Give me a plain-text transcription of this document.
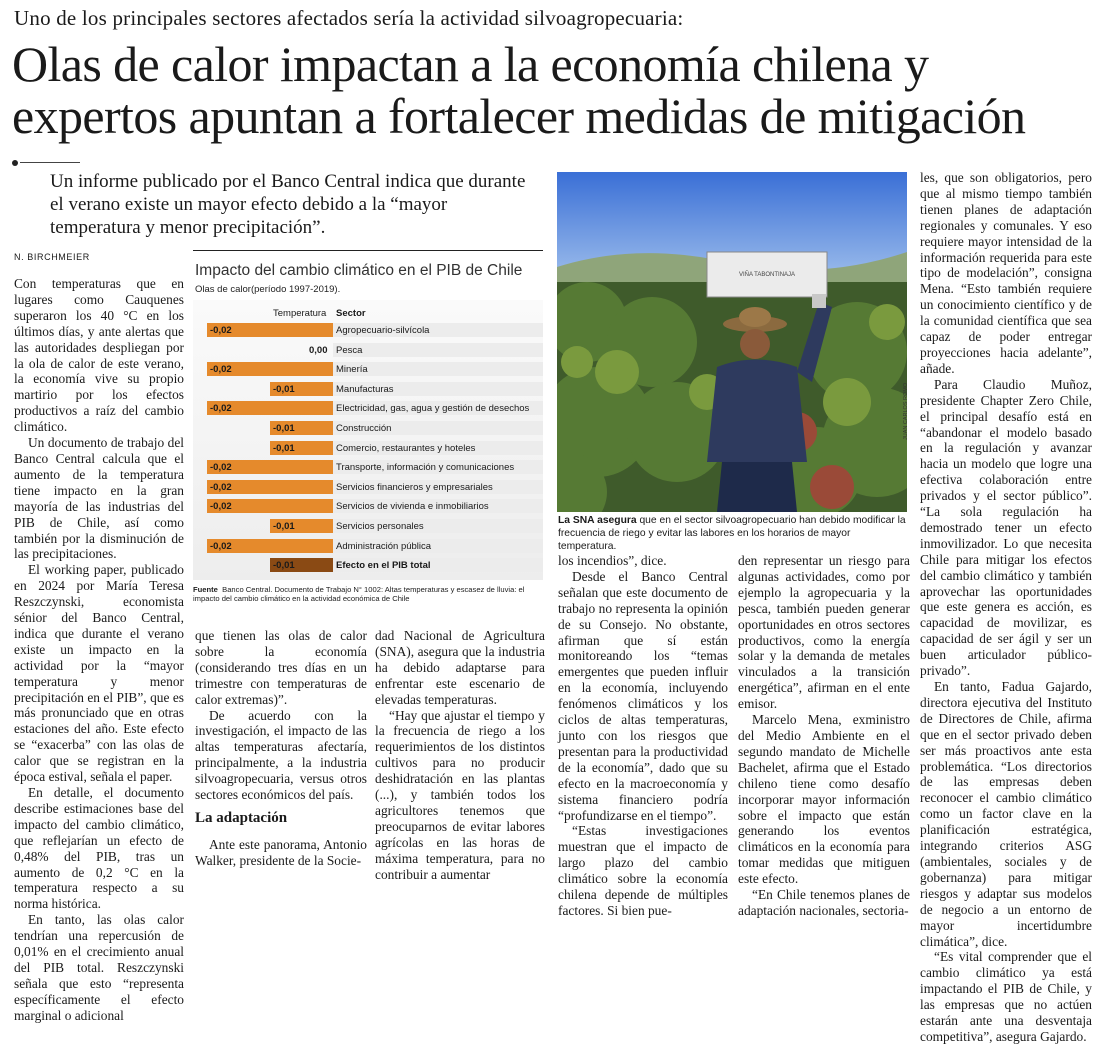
Uno de los principales sectores afectados sería la actividad silvoagropecuaria:
Olas de calor impactan a la economía chilena y expertos apuntan a fortalecer medidas de mitigación
Un informe publicado por el Banco Central indica que durante el verano existe un mayor efecto debido a la “mayor temperatura y menor precipitación”.
N. BIRCHMEIER

Con temperaturas que en lugares como Cauquenes superaron los 40 °C en los últimos días, y ante alertas que las autoridades despliegan por la ola de calor de este verano, la economía vive su propio martirio por los efectos productivos a raíz del cambio climático.

Un documento de trabajo del Banco Central calcula que el aumento de la temperatura tiene impacto en la gran mayoría de las industrias del PIB de Chile, así como también por la disminución de las precipitaciones.

El working paper, publicado en 2024 por María Teresa Reszczynski, economista sénior del Banco Central, indica que durante el verano existe un impacto en la actividad por la “mayor temperatura y menor precipitación en el PIB”, que es más pronunciado que en otras estaciones del año. Este efecto se “exacerba” con las olas de calor que se registran en la época estival, señala el paper.

En detalle, el documento describe estimaciones base del impacto del cambio climático, que reflejarían un efecto de 0,48% del PIB, tras un aumento de 0,2 °C en la temperatura respecto a su norma histórica.

En tanto, las olas calor tendrían una repercusión de 0,01% en el crecimiento anual del PIB total. Reszczynski señala que esto “representa específicamente el efecto marginal o adicional

Impacto del cambio climático en el PIB de Chile
Olas de calor(período 1997-2019).
Temperatura Sector
-0,02	Agropecuario-silvícola
0,00 Pesca
-0,02	Minería
-0,01	Manufacturas
-0,02	Electricidad, gas, agua y gestión de desechos
-0,01	Construcción
-0,01	Comercio, restaurantes y hoteles
-0,02	Transporte, información y comunicaciones
-0,02	Servicios financieros y empresariales
-0,02	Servicios de vivienda e inmobiliarios
-0,01	Servicios personales
-0,02	Administración pública
-0,01	Efecto en el PIB total
Fuente Banco Central. Documento de Trabajo N° 1002: Altas temperaturas y escasez de lluvia: el impacto del cambio climático en la actividad económica de Chile
VIÑA TABONTINAJA
JUAN CARLOS ROMO
La SNA asegura que en el sector silvoagropecuario han debido modificar la frecuencia de riego y evitar las labores en los horarios de mayor temperatura.

que tienen las olas de calor sobre la economía (considerando tres días en un trimestre con temperaturas de calor extremas)”.

De acuerdo con la investigación, el impacto de las altas temperaturas afectaría, principalmente, a la industria silvoagropecuaria, versus otros sectores económicos del país.

La adaptación

Ante este panorama, Antonio Walker, presidente de la Socie-

dad Nacional de Agricultura (SNA), asegura que la industria ha debido adaptarse para enfrentar este escenario de elevadas temperaturas.

“Hay que ajustar el tiempo y la frecuencia de riego a los requerimientos de los distintos cultivos para no producir deshidratación en las plantas (...), y también todos los agricultores tenemos que preocuparnos de evitar labores agrícolas en las horas de máxima temperatura, para no contribuir a aumentar

los incendios”, dice.

Desde el Banco Central señalan que este documento de trabajo no representa la opinión de su Consejo. No obstante, afirman que sí están monitoreando los “temas emergentes que pueden influir en la economía, incluyendo fenómenos climáticos y los ciclos de altas temperaturas, junto con los riesgos que presentan para la productividad de la economía”, dado que su efecto en la macroeconomía y sistema financiero podría “profundizarse en el tiempo”.

“Estas investigaciones muestran que el impacto de largo plazo del cambio climático sobre la economía chilena depende de múltiples factores. Si bien pue-

den representar un riesgo para algunas actividades, como por ejemplo la agropecuaria y la pesca, también pueden generar oportunidades en otros sectores productivos, como la energía solar y la demanda de metales vinculados a la transición energética”, afirman en el ente emisor.

Marcelo Mena, exministro del Medio Ambiente en el segundo mandato de Michelle Bachelet, afirma que el Estado chileno tiene como desafío incorporar mayor información sobre el impacto que están generando los eventos climáticos en la economía para tomar medidas que mitiguen este efecto.

“En Chile tenemos planes de adaptación nacionales, sectoria-

les, que son obligatorios, pero que al mismo tiempo también tienen planes de adaptación regionales y comunales. Y eso requiere mayor intensidad de la información requerida para este tipo de modelación”, consigna Mena. “Esto también requiere un conocimiento científico y de la comunidad científica que sea capaz de poder entregar proyecciones hacia adelante”, añade.

Para Claudio Muñoz, presidente Chapter Zero Chile, el principal desafío está en “abandonar el modelo basado en la regulación y avanzar hacia un modelo que logre una efectiva colaboración entre privados y el sector público”. “La sola regulación ha demostrado tener un efecto inmovilizador. Lo que necesita Chile para mitigar los efectos del cambio climático y también aprovechar las oportunidades que este genera es acción, es capacidad de movilizar, es capacidad de ser ágil y ser un buen articulador público-privado”.

En tanto, Fadua Gajardo, directora ejecutiva del Instituto de Directores de Chile, afirma que en el sector privado deben ser más proactivos ante esta problemática. “Los directorios de las empresas deben reconocer el cambio climático como un factor clave en la planificación estratégica, integrando criterios ASG (ambientales, sociales y de gobernanza) para mitigar riesgos y adaptar sus modelos de negocio a un entorno de mayor incertidumbre climática”, dice.

“Es vital comprender que el cambio climático ya está impactando el PIB de Chile, y las empresas que no actúen estarán ante una desventaja competitiva”, asegura Gajardo.
